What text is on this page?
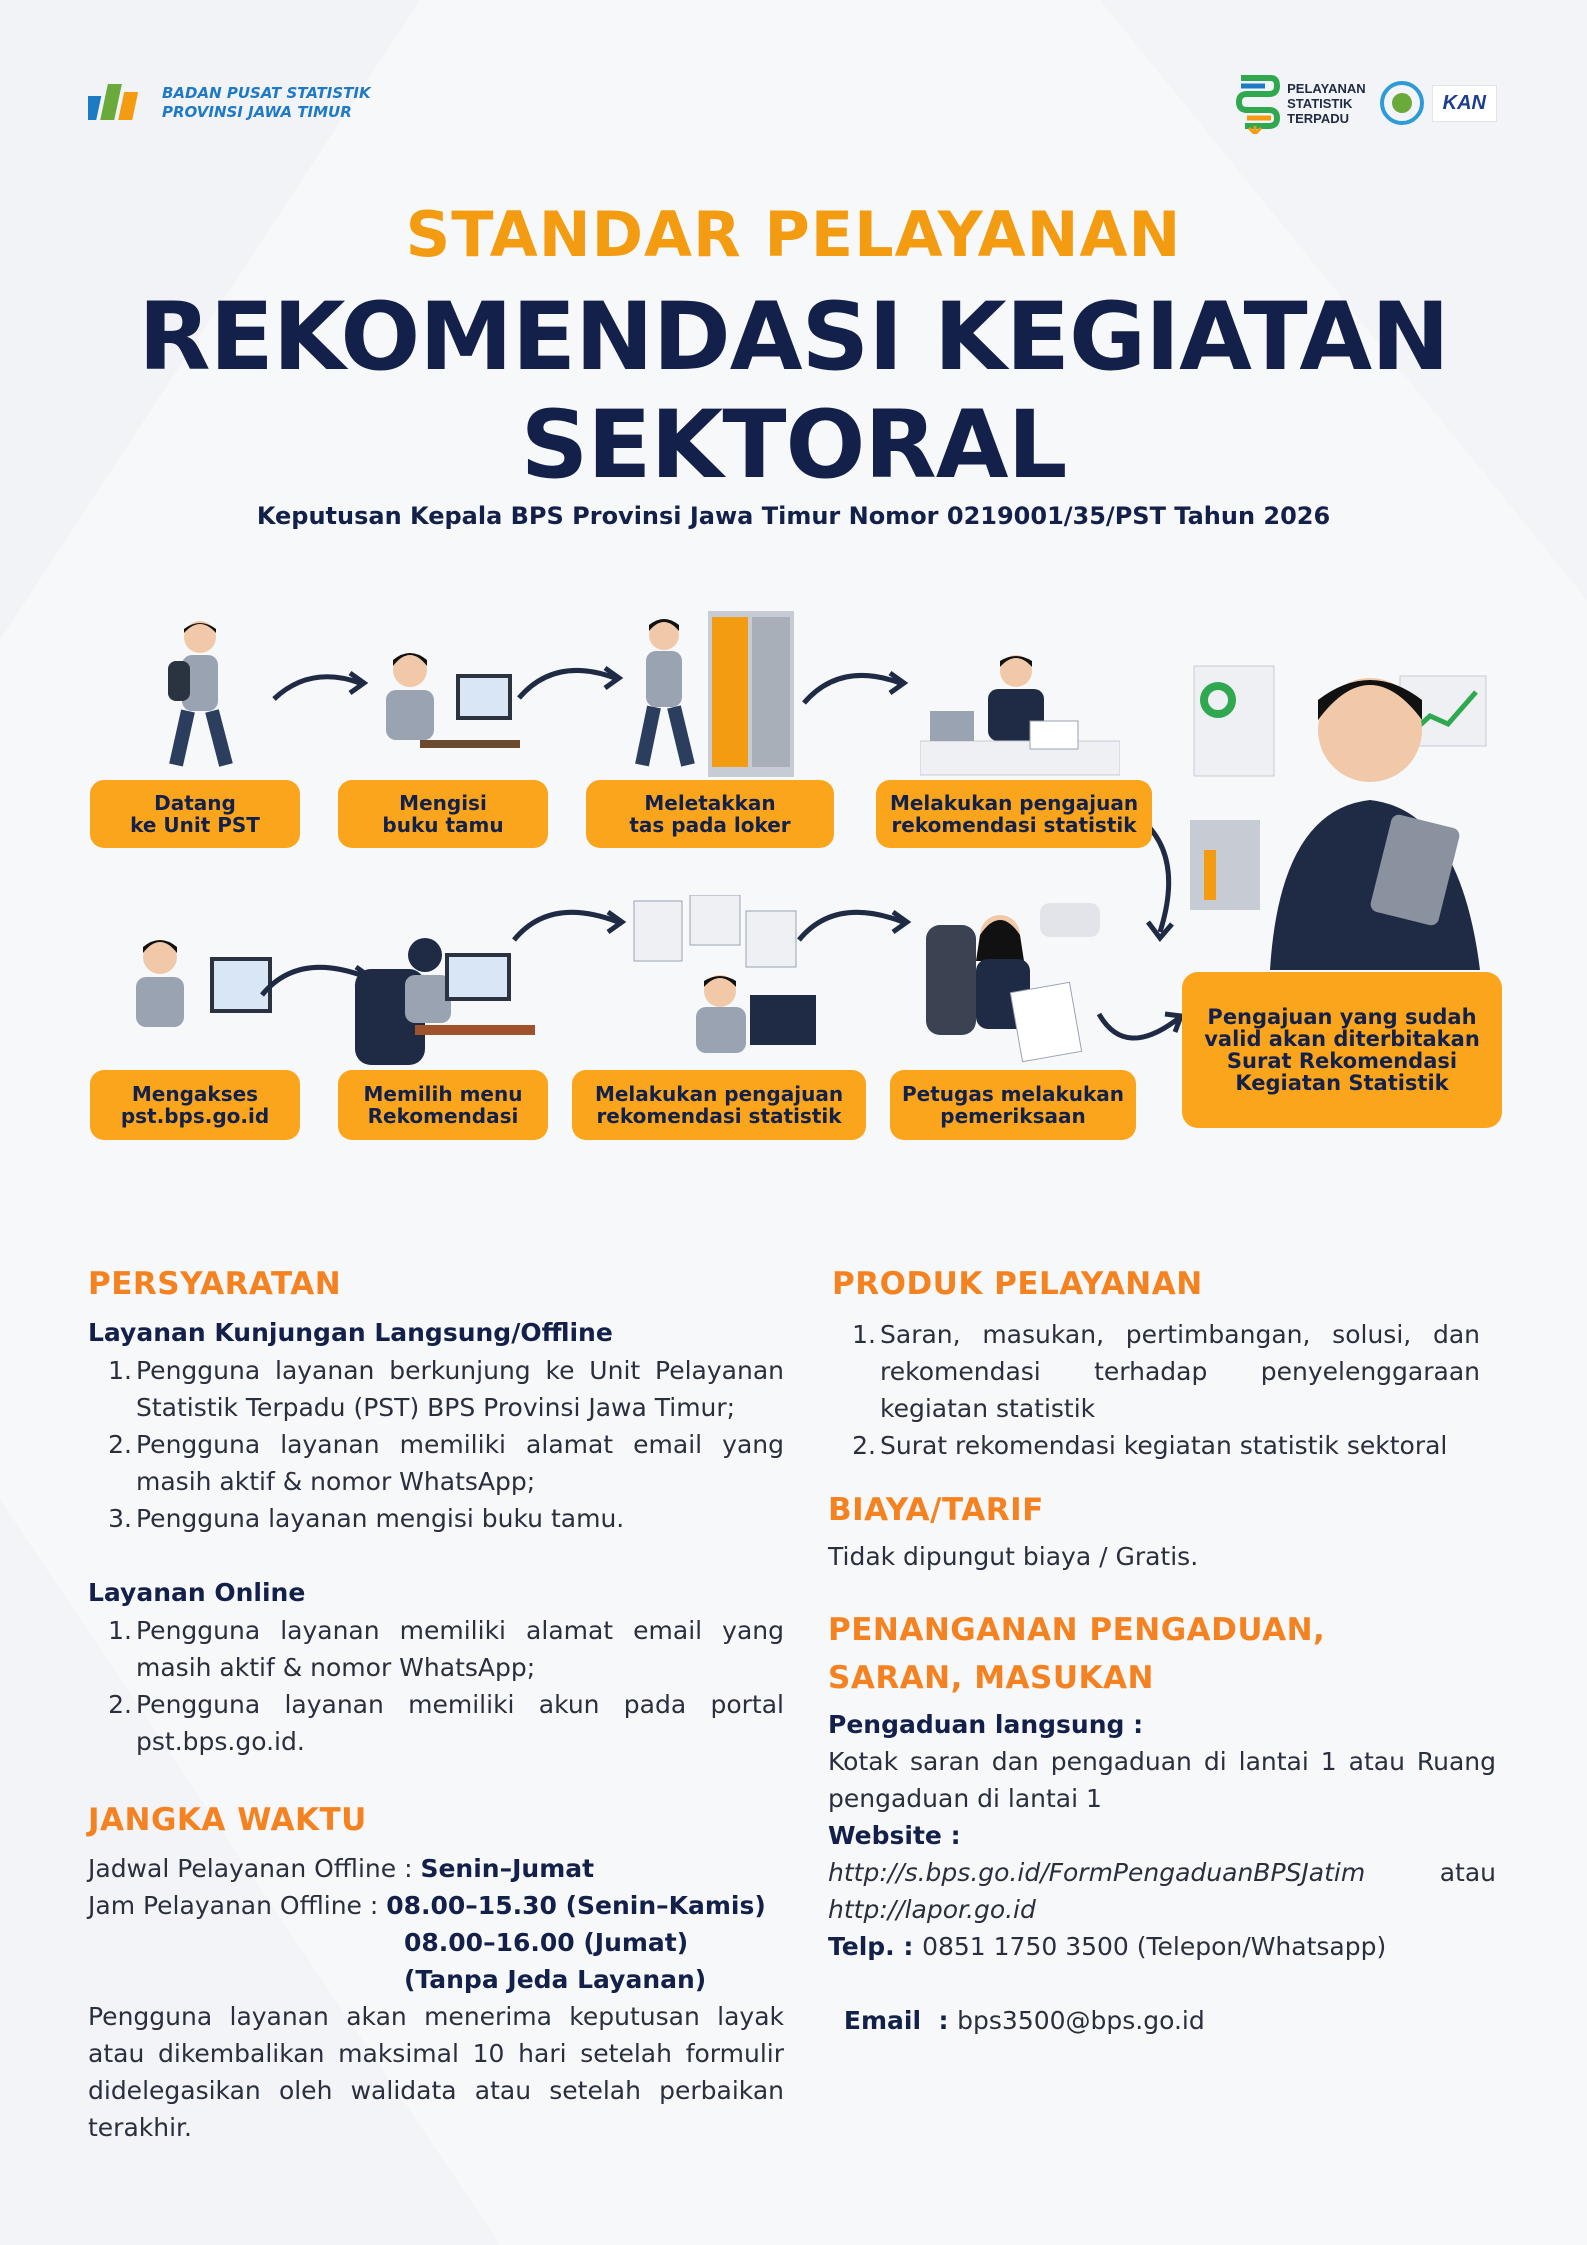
BADAN PUSAT STATISTIK
PROVINSI JAWA TIMUR
PELAYANAN
STATISTIK
TERPADU
KAN
STANDAR PELAYANAN
REKOMENDASI KEGIATAN
SEKTORAL
Keputusan Kepala BPS Provinsi Jawa Timur Nomor 0219001/35/PST Tahun 2026
Datang
ke Unit PST
Mengisi
buku tamu
Meletakkan
tas pada loker
Melakukan pengajuan
rekomendasi statistik
Mengakses
pst.bps.go.id
Memilih menu
Rekomendasi
Melakukan pengajuan
rekomendasi statistik
Petugas melakukan
pemeriksaan
Pengajuan yang sudah
valid akan diterbitakan
Surat Rekomendasi
Kegiatan Statistik
PERSYARATAN
Layanan Kunjungan Langsung/Offline
1. Pengguna layanan berkunjung ke Unit Pelayanan Statistik Terpadu (PST) BPS Provinsi Jawa Timur;
2. Pengguna layanan memiliki alamat email yang masih aktif & nomor WhatsApp;
3. Pengguna layanan mengisi buku tamu.
Layanan Online
1. Pengguna layanan memiliki alamat email yang masih aktif & nomor WhatsApp;
2. Pengguna layanan memiliki akun pada portal pst.bps.go.id.
JANGKA WAKTU
Jadwal Pelayanan Offline : Senin–Jumat
Jam Pelayanan Offline : 08.00–15.30 (Senin–Kamis)
08.00–16.00 (Jumat)
(Tanpa Jeda Layanan)
Pengguna layanan akan menerima keputusan layak atau dikembalikan maksimal 10 hari setelah formulir didelegasikan oleh walidata atau setelah perbaikan terakhir.
PRODUK PELAYANAN
1. Saran, masukan, pertimbangan, solusi, dan rekomendasi terhadap penyelenggaraan kegiatan statistik
2. Surat rekomendasi kegiatan statistik sektoral
BIAYA/TARIF
Tidak dipungut biaya / Gratis.
PENANGANAN PENGADUAN,
SARAN, MASUKAN
Pengaduan langsung :
Kotak saran dan pengaduan di lantai 1 atau Ruang pengaduan di lantai 1
Website :
http://s.bps.go.id/FormPengaduanBPSJatim	atau
http://lapor.go.id
Telp. : 0851 1750 3500 (Telepon/Whatsapp)

Email  : bps3500@bps.go.id
